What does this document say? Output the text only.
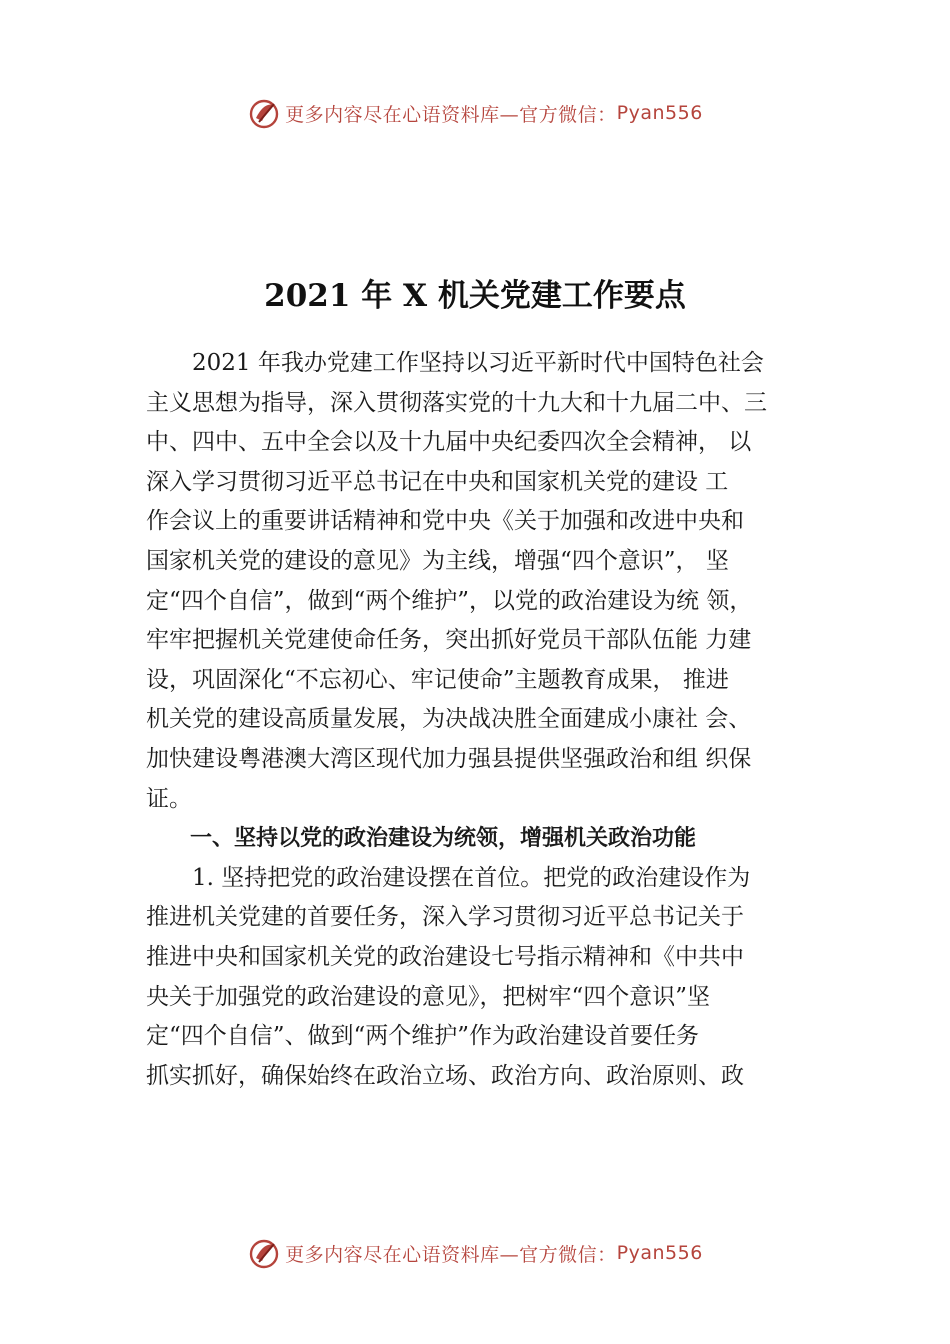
更多内容尽在心语资料库—官方微信： Pyan556
2021 年 X 机关党建工作要点
　　2021 年我办党建工作坚持以习近平新时代中国特色社会
主义思想为指导，深入贯彻落实党的十九大和十九届二中、三
中、四中、五中全会以及十九届中央纪委四次全会精神， 以
深入学习贯彻习近平总书记在中央和国家机关党的建设 工
作会议上的重要讲话精神和党中央《关于加强和改进中央和
国家机关党的建设的意见》为主线，增强“四个意识”， 坚
定“四个自信”，做到“两个维护”，以党的政治建设为统 领，
牢牢把握机关党建使命任务，突出抓好党员干部队伍能 力建
设，巩固深化“不忘初心、牢记使命”主题教育成果， 推进
机关党的建设高质量发展，为决战决胜全面建成小康社 会、
加快建设粤港澳大湾区现代加力强县提供坚强政治和组 织保
证。
　　一、坚持以党的政治建设为统领，增强机关政治功能
　　1. 坚持把党的政治建设摆在首位。把党的政治建设作为
推进机关党建的首要任务，深入学习贯彻习近平总书记关于
推进中央和国家机关党的政治建设七号指示精神和《中共中
央关于加强党的政治建设的意见》，把树牢“四个意识”坚
定“四个自信”、做到“两个维护”作为政治建设首要任务
抓实抓好，确保始终在政治立场、政治方向、政治原则、政
更多内容尽在心语资料库—官方微信： Pyan556
